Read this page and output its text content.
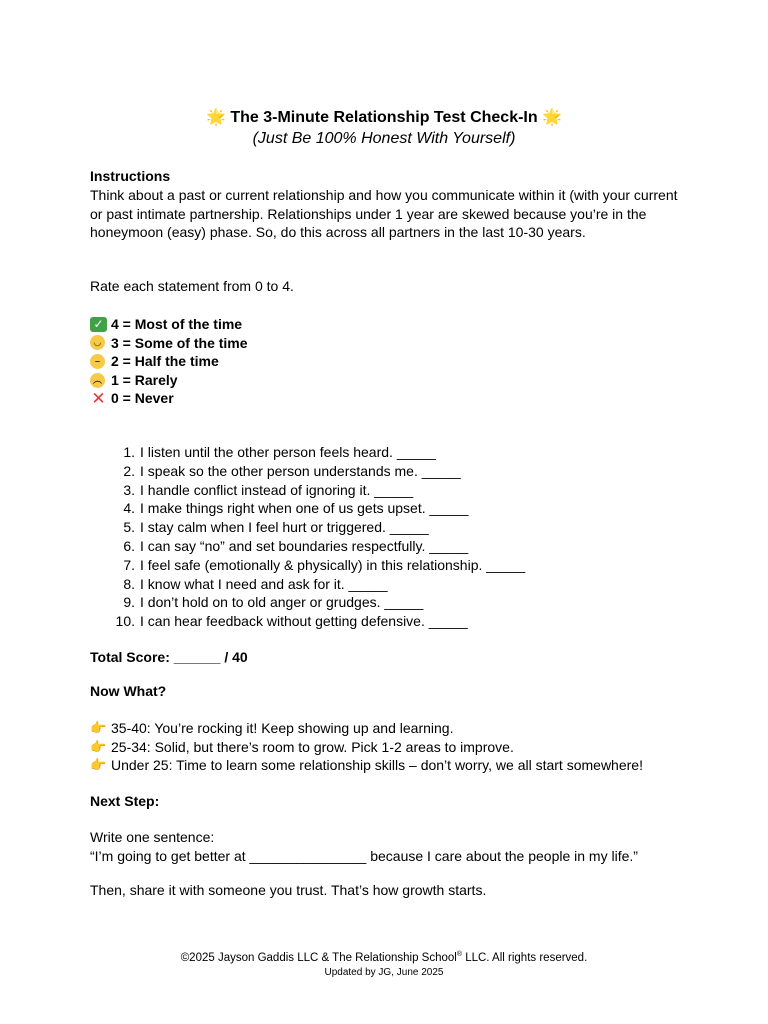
🌟 The 3-Minute Relationship Test Check-In 🌟
(Just Be 100% Honest With Yourself)
Instructions
Think about a past or current relationship and how you communicate within it (with your current or past intimate partnership. Relationships under 1 year are skewed because you’re in the honeymoon (easy) phase. So, do this across all partners in the last 10-30 years.
Rate each statement from 0 to 4.
✓ 4 = Most of the time
◡ 3 = Some of the time
– 2 = Half the time
︵ 1 = Rarely
✕ 0 = Never
1. I listen until the other person feels heard. _____
2. I speak so the other person understands me. _____
3. I handle conflict instead of ignoring it. _____
4. I make things right when one of us gets upset. _____
5. I stay calm when I feel hurt or triggered. _____
6. I can say “no” and set boundaries respectfully. _____
7. I feel safe (emotionally & physically) in this relationship. _____
8. I know what I need and ask for it. _____
9. I don’t hold on to old anger or grudges. _____
10. I can hear feedback without getting defensive. _____
Total Score: ______ / 40
Now What?
👉 35-40: You’re rocking it! Keep showing up and learning.
👉 25-34: Solid, but there’s room to grow. Pick 1-2 areas to improve.
👉 Under 25: Time to learn some relationship skills – don’t worry, we all start somewhere!
Next Step:
Write one sentence:
“I’m going to get better at _______________ because I care about the people in my life.”
Then, share it with someone you trust. That’s how growth starts.
©2025 Jayson Gaddis LLC & The Relationship School® LLC. All rights reserved.
Updated by JG, June 2025
